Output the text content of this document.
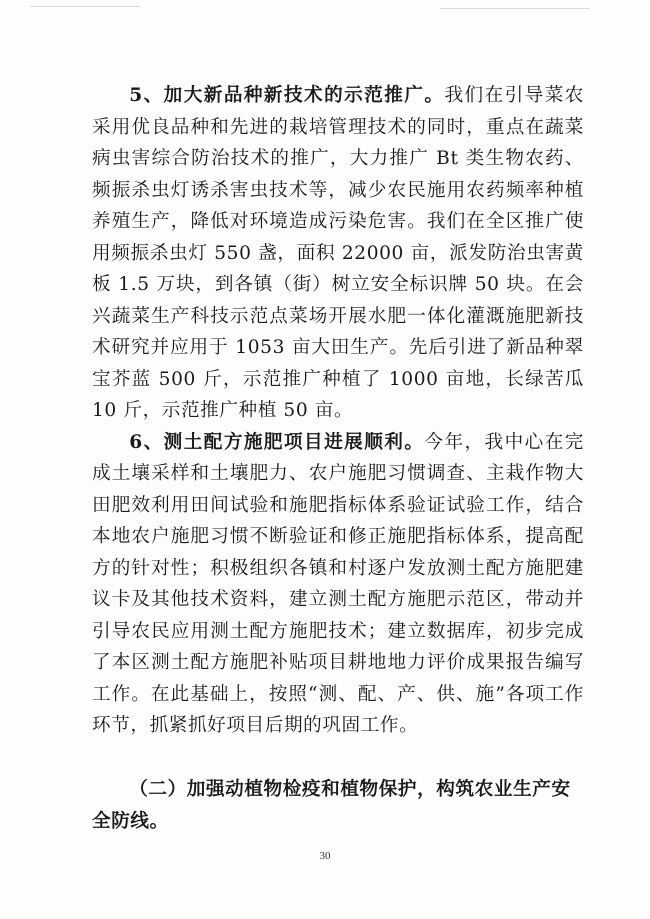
5、加大新品种新技术的示范推广。我们在引导菜农采用优良品种和先进的栽培管理技术的同时，重点在蔬菜病虫害综合防治技术的推广，大力推广 Bt 类生物农药、频振杀虫灯诱杀害虫技术等，减少农民施用农药频率种植养殖生产，降低对环境造成污染危害。我们在全区推广使用频振杀虫灯 550 盏，面积 22000 亩，派发防治虫害黄板 1.5 万块，到各镇（街）树立安全标识牌 50 块。在会兴蔬菜生产科技示范点菜场开展水肥一体化灌溉施肥新技术研究并应用于 1053 亩大田生产。先后引进了新品种翠宝芥蓝 500 斤，示范推广种植了 1000 亩地，长绿苦瓜 10 斤，示范推广种植 50 亩。

6、测土配方施肥项目进展顺利。今年，我中心在完成土壤采样和土壤肥力、农户施肥习惯调查、主栽作物大田肥效利用田间试验和施肥指标体系验证试验工作，结合本地农户施肥习惯不断验证和修正施肥指标体系，提高配方的针对性；积极组织各镇和村逐户发放测土配方施肥建议卡及其他技术资料，建立测土配方施肥示范区，带动并引导农民应用测土配方施肥技术；建立数据库，初步完成了本区测土配方施肥补贴项目耕地地力评价成果报告编写工作。在此基础上，按照“测、配、产、供、施”各项工作环节，抓紧抓好项目后期的巩固工作。

（二）加强动植物检疫和植物保护，构筑农业生产安全防线。

30
